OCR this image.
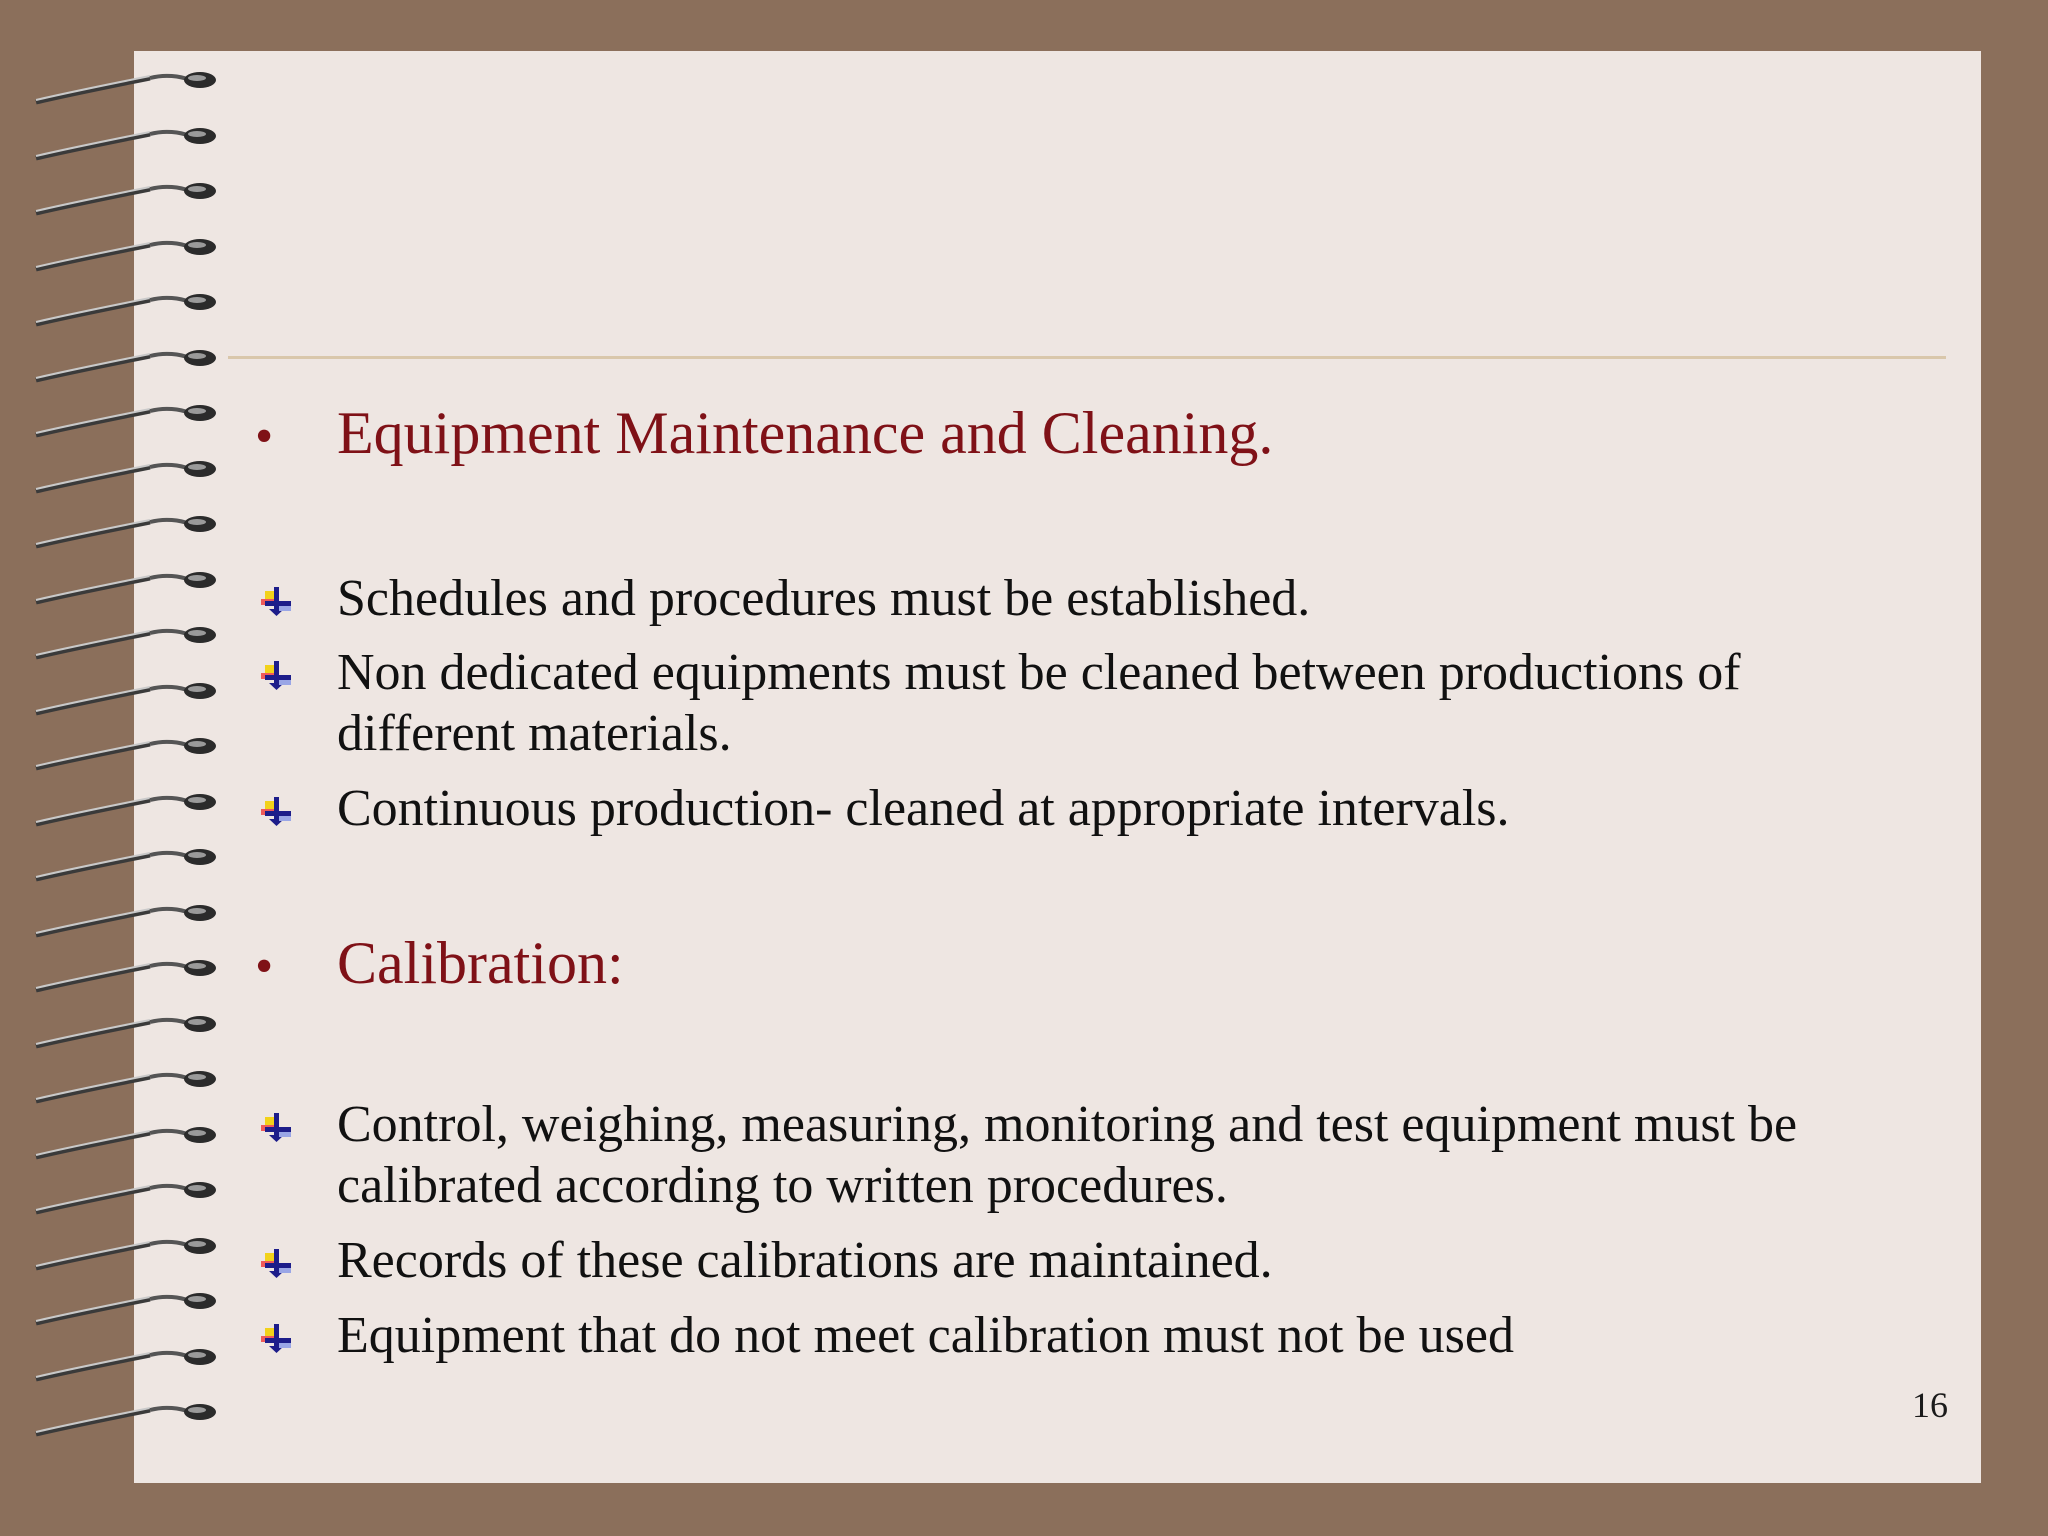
•	Equipment Maintenance and Cleaning.
Schedules and procedures must be established.
Non dedicated equipments must be cleaned between productions of different materials.
Continuous production- cleaned at appropriate intervals.
•	Calibration:
Control, weighing, measuring, monitoring and test equipment must be calibrated according to written procedures.
Records of these calibrations are maintained.
Equipment that do not meet calibration must not be used
16
